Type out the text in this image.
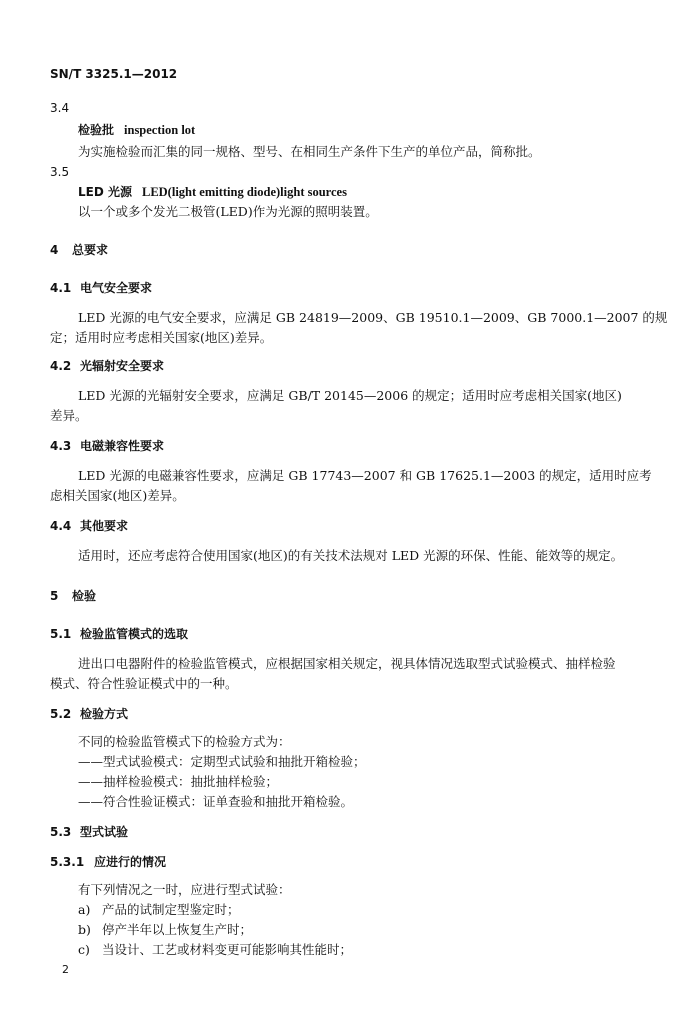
SN/T 3325.1—2012
3.4
检验批 inspection lot
为实施检验而汇集的同一规格、型号、在相同生产条件下生产的单位产品，简称批。
3.5
LED 光源 LED(light emitting diode)light sources
以一个或多个发光二极管(LED)作为光源的照明装置。
4 总要求
4.1 电气安全要求
LED 光源的电气安全要求，应满足 GB 24819—2009、GB 19510.1—2009、GB 7000.1—2007 的规
定；适用时应考虑相关国家(地区)差异。
4.2 光辐射安全要求
LED 光源的光辐射安全要求，应满足 GB/T 20145—2006 的规定；适用时应考虑相关国家(地区)
差异。
4.3 电磁兼容性要求
LED 光源的电磁兼容性要求，应满足 GB 17743—2007 和 GB 17625.1—2003 的规定，适用时应考
虑相关国家(地区)差异。
4.4 其他要求
适用时，还应考虑符合使用国家(地区)的有关技术法规对 LED 光源的环保、性能、能效等的规定。
5 检验
5.1 检验监管模式的选取
进出口电器附件的检验监管模式，应根据国家相关规定，视具体情况选取型式试验模式、抽样检验
模式、符合性验证模式中的一种。
5.2 检验方式
不同的检验监管模式下的检验方式为：
——型式试验模式：定期型式试验和抽批开箱检验；
——抽样检验模式：抽批抽样检验；
——符合性验证模式：证单查验和抽批开箱检验。
5.3 型式试验
5.3.1 应进行的情况
有下列情况之一时，应进行型式试验：
a) 产品的试制定型鉴定时；
b) 停产半年以上恢复生产时；
c) 当设计、工艺或材料变更可能影响其性能时；
2
